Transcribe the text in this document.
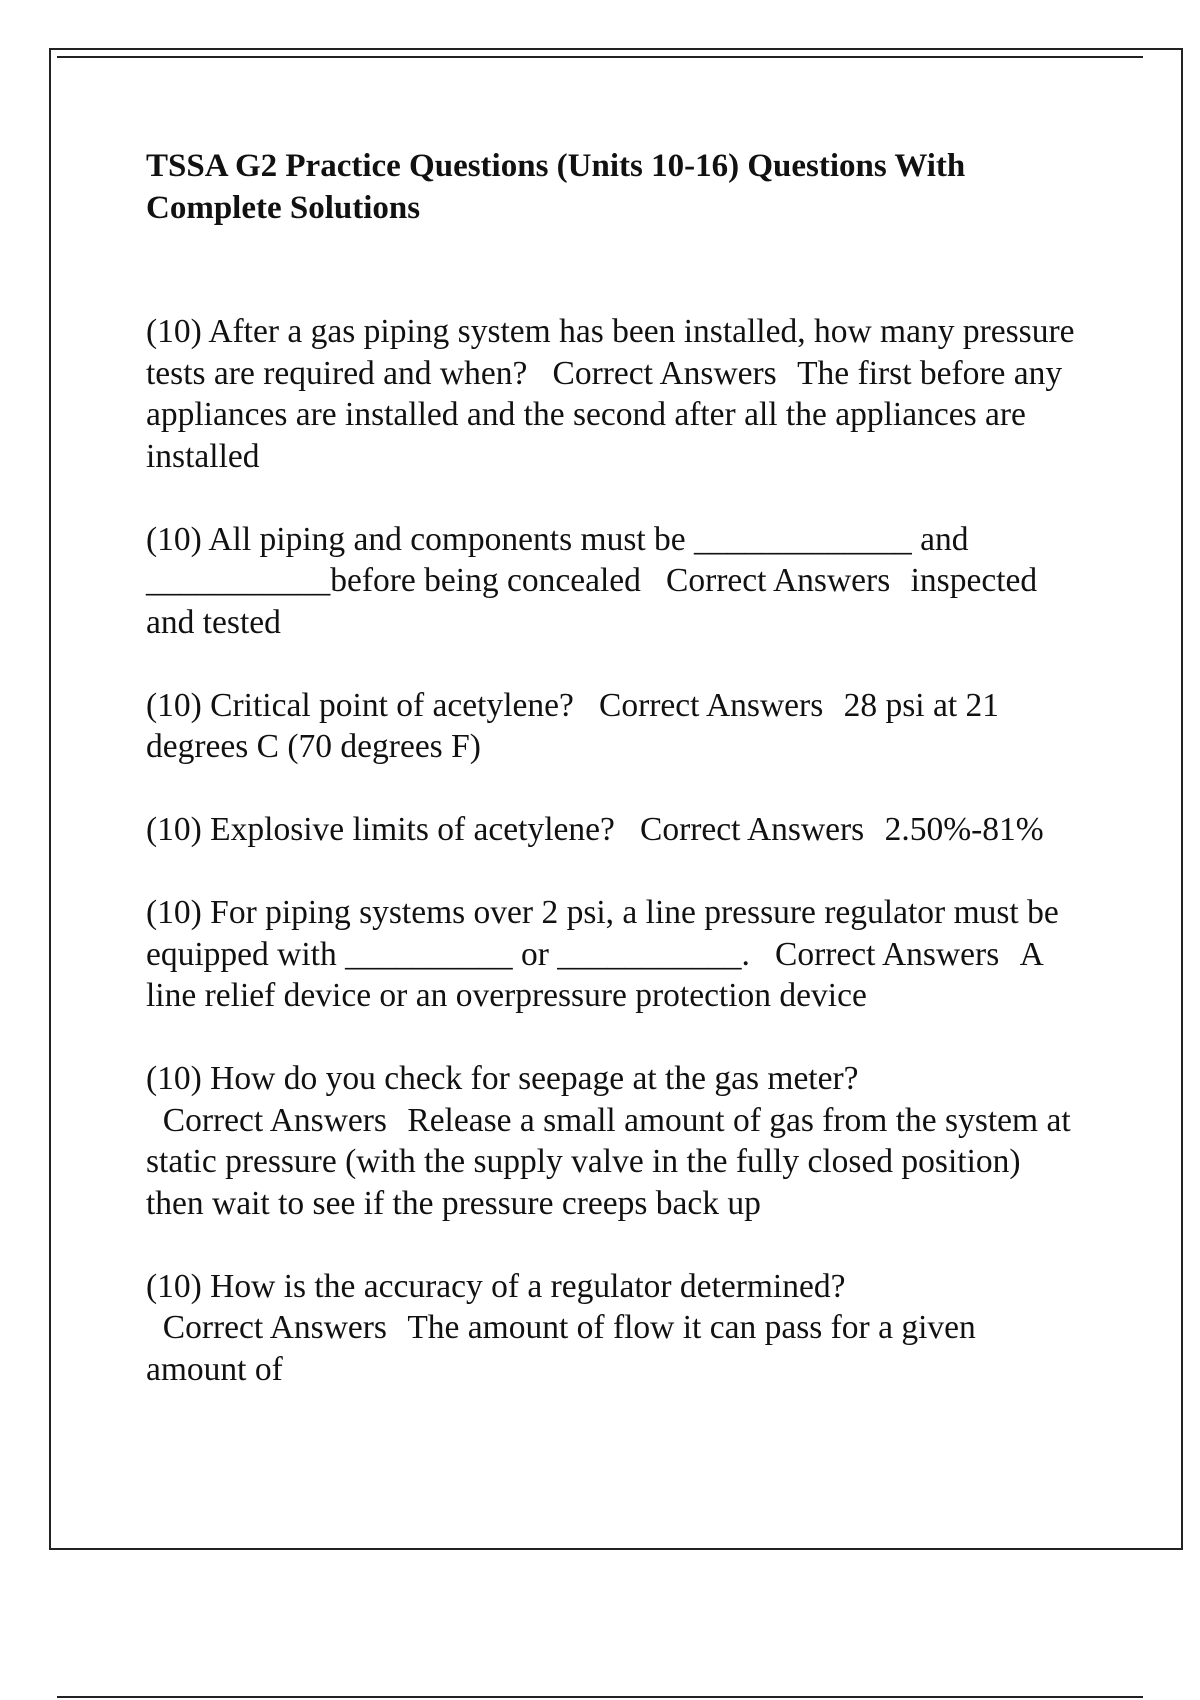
TSSA G2 Practice Questions (Units 10-16) Questions With Complete Solutions
(10) After a gas piping system has been installed, how many pressure tests are required and when? Correct Answers The first before any appliances are installed and the second after all the appliances are installed
(10) All piping and components must be _____________ and ___________before being concealed Correct Answers inspected and tested
(10) Critical point of acetylene? Correct Answers 28 psi at 21 degrees C (70 degrees F)
(10) Explosive limits of acetylene? Correct Answers 2.50%-81%
(10) For piping systems over 2 psi, a line pressure regulator must be equipped with __________ or ___________. Correct Answers A line relief device or an overpressure protection device
(10) How do you check for seepage at the gas meter?   Correct Answers Release a small amount of gas from the system at static pressure (with the supply valve in the fully closed position) then wait to see if the pressure creeps back up
(10) How is the accuracy of a regulator determined?   Correct Answers The amount of flow it can pass for a given amount of
